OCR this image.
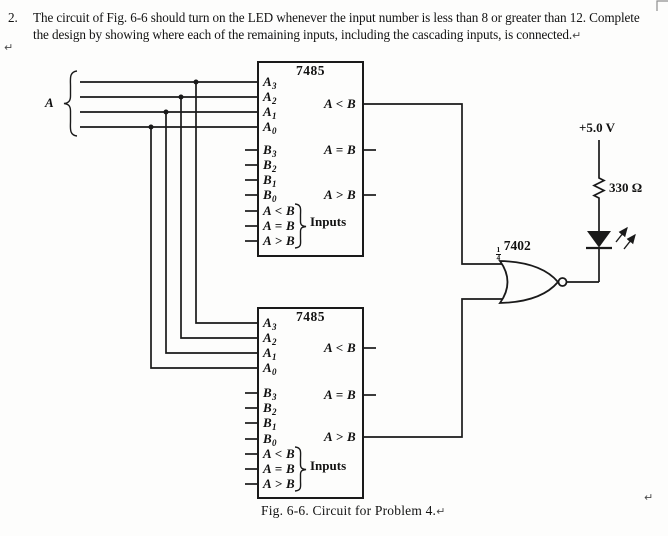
2. The circuit of Fig. 6-6 should turn on the LED whenever the input number is less than 8 or greater than 12. Complete
the design by showing where each of the remaining inputs, including the cascading inputs, is connected.↵
↵
A
7485
$A_3$
$A_2$
$A_1$
$A_0$
$B_3$
$B_2$
$B_1$
$B_0$
A < B
A = B
A > B
Inputs
A < B
A = B
A > B
7485
$A_3$
$A_2$
$A_1$
$A_0$
$B_3$
$B_2$
$B_1$
$B_0$
A < B
A = B
A > B
Inputs
A < B
A = B
A > B
$\frac{1}{4}$
7402
+5.0 V
330 Ω
Fig. 6-6. Circuit for Problem 4.↵
↵
